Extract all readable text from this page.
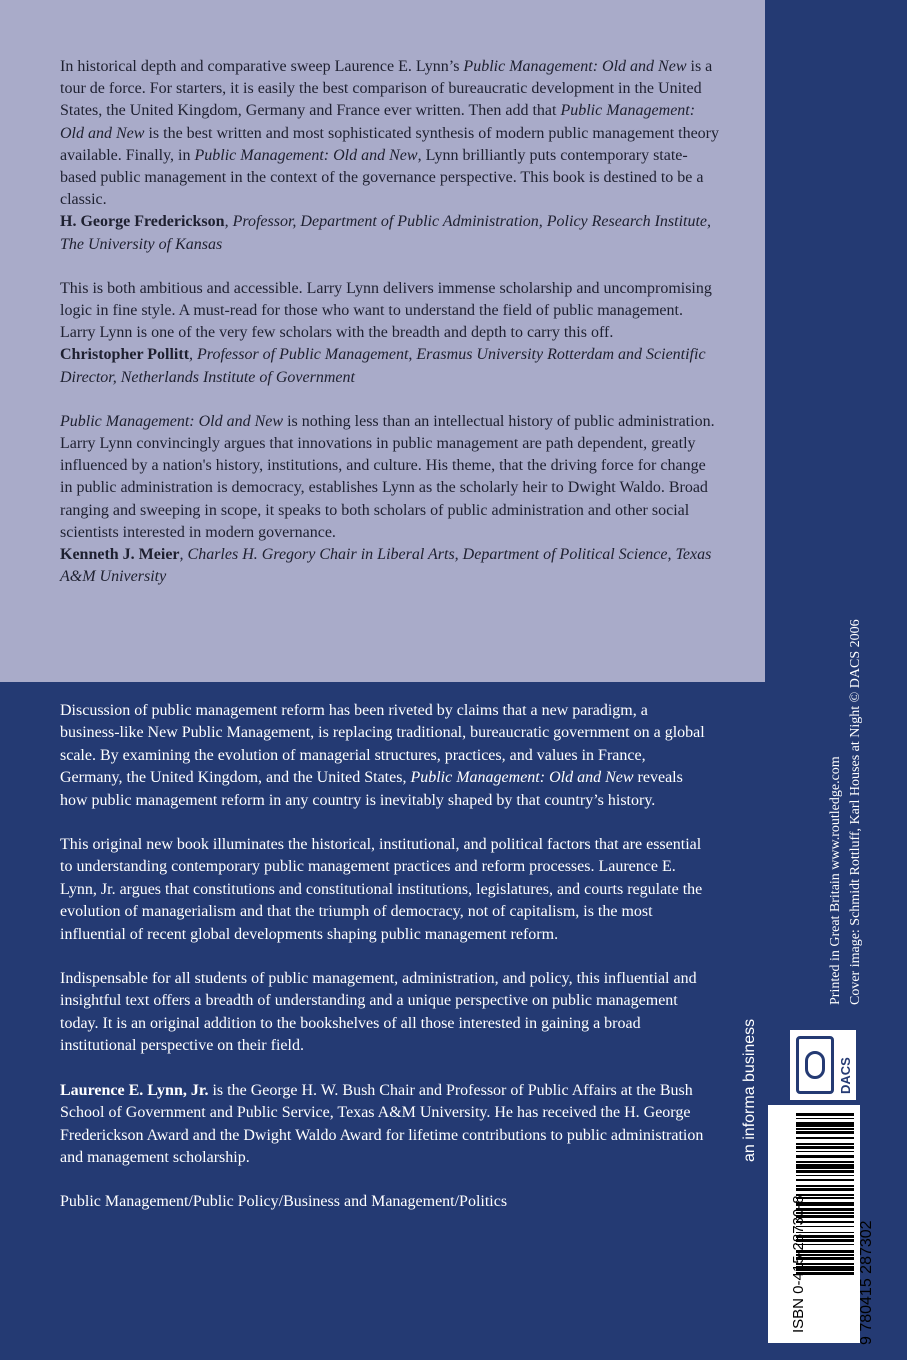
In historical depth and comparative sweep Laurence E. Lynn’s Public Management: Old and New is a tour de force. For starters, it is easily the best comparison of bureaucratic development in the United States, the United Kingdom, Germany and France ever written. Then add that Public Management: Old and New is the best written and most sophisticated synthesis of modern public management theory available. Finally, in Public Management: Old and New, Lynn brilliantly puts contemporary state-based public management in the context of the governance perspective. This book is destined to be a classic.
H. George Frederickson, Professor, Department of Public Administration, Policy Research Institute, The University of Kansas
This is both ambitious and accessible. Larry Lynn delivers immense scholarship and uncompromising logic in fine style. A must-read for those who want to understand the field of public management. Larry Lynn is one of the very few scholars with the breadth and depth to carry this off.
Christopher Pollitt, Professor of Public Management, Erasmus University Rotterdam and Scientific Director, Netherlands Institute of Government
Public Management: Old and New is nothing less than an intellectual history of public administration. Larry Lynn convincingly argues that innovations in public management are path dependent, greatly influenced by a nation's history, institutions, and culture. His theme, that the driving force for change in public administration is democracy, establishes Lynn as the scholarly heir to Dwight Waldo. Broad ranging and sweeping in scope, it speaks to both scholars of public administration and other social scientists interested in modern governance.
Kenneth J. Meier, Charles H. Gregory Chair in Liberal Arts, Department of Political Science, Texas A&M University

Discussion of public management reform has been riveted by claims that a new paradigm, a business-like New Public Management, is replacing traditional, bureaucratic government on a global scale. By examining the evolution of managerial structures, practices, and values in France, Germany, the United Kingdom, and the United States, Public Management: Old and New reveals how public management reform in any country is inevitably shaped by that country’s history.

This original new book illuminates the historical, institutional, and political factors that are essential to understanding contemporary public management practices and reform processes. Laurence E. Lynn, Jr. argues that constitutions and constitutional institutions, legislatures, and courts regulate the evolution of managerialism and that the triumph of democracy, not of capitalism, is the most influential of recent global developments shaping public management reform.

Indispensable for all students of public management, administration, and policy, this influential and insightful text offers a breadth of understanding and a unique perspective on public management today. It is an original addition to the bookshelves of all those interested in gaining a broad institutional perspective on their field.

Laurence E. Lynn, Jr. is the George H. W. Bush Chair and Professor of Public Affairs at the Bush School of Government and Public Service, Texas A&M University. He has received the H. George Frederickson Award and the Dwight Waldo Award for lifetime contributions to public administration and management scholarship.

Public Management/Public Policy/Business and Management/Politics

Printed in Great Britain www.routledge.com Cover image: Schmidt Rottluff, Karl Houses at Night © DACS 2006
an informa business	DACS
ISBN 0-415-28730-8	9 780415 287302
